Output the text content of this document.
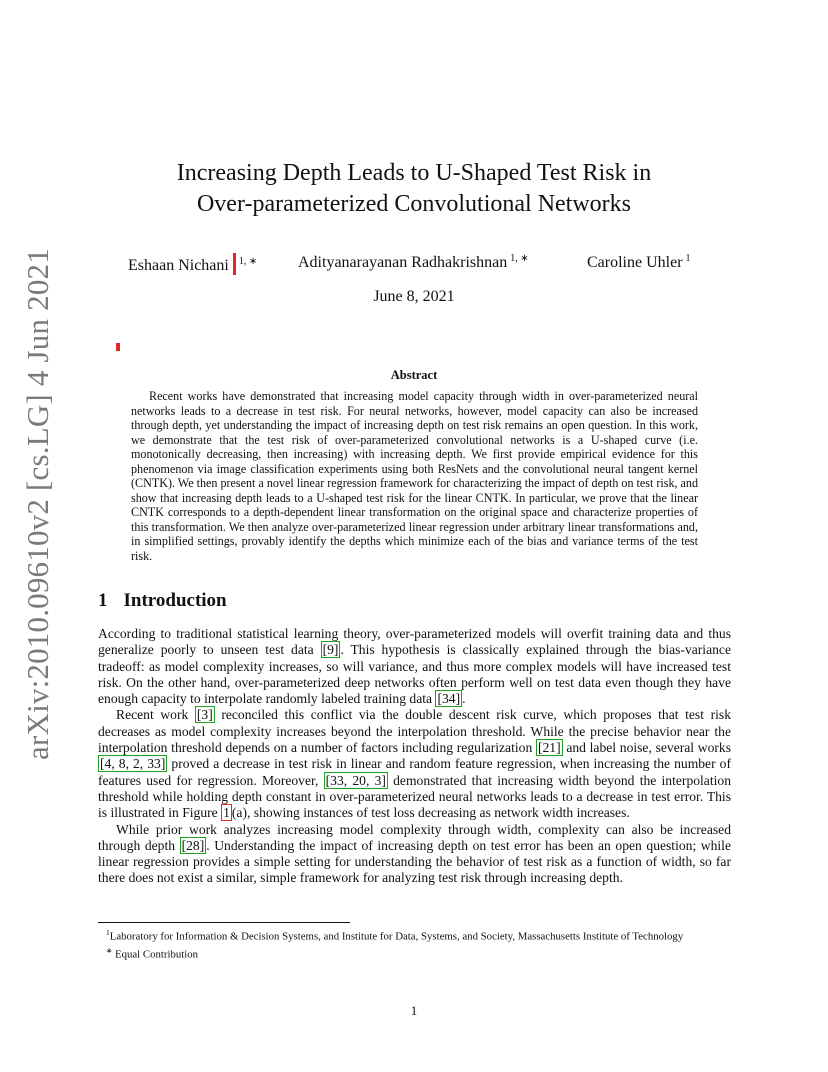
arXiv:2010.09610v2 [cs.LG] 4 Jun 2021
Increasing Depth Leads to U-Shaped Test Risk in
Over-parameterized Convolutional Networks
Eshaan Nichani $^{1, ∗}$	Adityanarayanan Radhakrishnan $^{1, ∗}$	Caroline Uhler $^1$
June 8, 2021
Abstract
Recent works have demonstrated that increasing model capacity through width in over-parameterized neural networks leads to a decrease in test risk. For neural networks, however, model capacity can also be increased through depth, yet understanding the impact of increasing depth on test risk remains an open question. In this work, we demonstrate that the test risk of over-parameterized convolutional networks is a U-shaped curve (i.e. monotonically decreasing, then increasing) with increasing depth. We first provide empirical evidence for this phenomenon via image classification experiments using both ResNets and the convolutional neural tangent kernel (CNTK). We then present a novel linear regression framework for characterizing the impact of depth on test risk, and show that increasing depth leads to a U-shaped test risk for the linear CNTK. In particular, we prove that the linear CNTK corresponds to a depth-dependent linear transformation on the original space and characterize properties of this transformation. We then analyze over-parameterized linear regression under arbitrary linear transformations and, in simplified settings, provably identify the depths which minimize each of the bias and variance terms of the test risk.
1 Introduction

According to traditional statistical learning theory, over-parameterized models will overfit training data and thus generalize poorly to unseen test data [9] . This hypothesis is classically explained through the bias-variance tradeoff: as model complexity increases, so will variance, and thus more complex models will have increased test risk. On the other hand, over-parameterized deep networks often perform well on test data even though they have enough capacity to interpolate randomly labeled training data [34] .

Recent work [3] reconciled this conflict via the double descent risk curve, which proposes that test risk decreases as model complexity increases beyond the interpolation threshold. While the precise behavior near the interpolation threshold depends on a number of factors including regularization [21] and label noise, several works [4, 8, 2, 33] proved a decrease in test risk in linear and random feature regression, when increasing the number of features used for regression. Moreover, [33, 20, 3] demonstrated that increasing width beyond the interpolation threshold while holding depth constant in over-parameterized neural networks leads to a decrease in test error. This is illustrated in Figure 1 (a), showing instances of test loss decreasing as network width increases.

While prior work analyzes increasing model complexity through width, complexity can also be increased through depth [28] . Understanding the impact of increasing depth on test error has been an open question; while linear regression provides a simple setting for understanding the behavior of test risk as a function of width, so far there does not exist a similar, simple framework for analyzing test risk through increasing depth.

$^1$Laboratory for Information & Decision Systems, and Institute for Data, Systems, and Society, Massachusetts Institute of Technology

∗ Equal Contribution

1
